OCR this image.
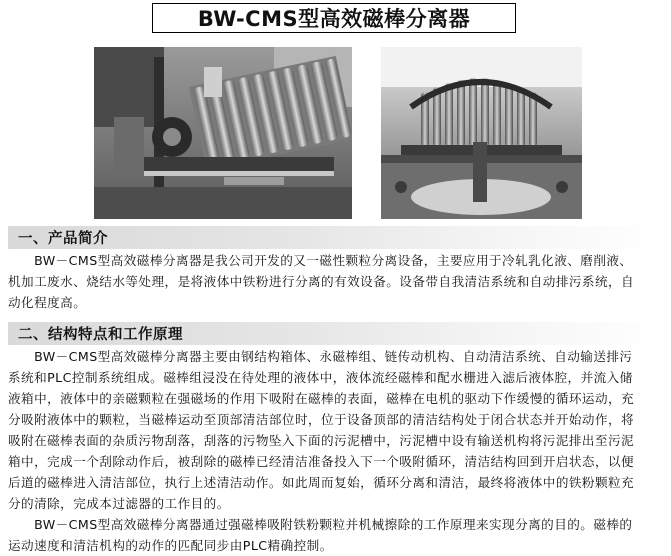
BW-CMS型高效磁棒分离器
一、产品简介
　　BW－CMS型高效磁棒分离器是我公司开发的又一磁性颗粒分离设备，主要应用于冷轧乳化液、磨削液、
机加工废水、烧结水等处理，是将液体中铁粉进行分离的有效设备。设备带自我清洁系统和自动排污系统，自
动化程度高。
二、结构特点和工作原理
　　BW－CMS型高效磁棒分离器主要由钢结构箱体、永磁棒组、链传动机构、自动清洁系统、自动输送排污
系统和PLC控制系统组成。磁棒组浸没在待处理的液体中，液体流经磁棒和配水栅进入滤后液体腔，并流入储
液箱中，液体中的亲磁颗粒在强磁场的作用下吸附在磁棒的表面，磁棒在电机的驱动下作缓慢的循环运动，充
分吸附液体中的颗粒，当磁棒运动至顶部清洁部位时，位于设备顶部的清洁结构处于闭合状态并开始动作，将
吸附在磁棒表面的杂质污物刮落，刮落的污物坠入下面的污泥槽中，污泥槽中设有输送机构将污泥排出至污泥
箱中，完成一个刮除动作后，被刮除的磁棒已经清洁准备投入下一个吸附循环，清洁结构回到开启状态，以便
后道的磁棒进入清洁部位，执行上述清洁动作。如此周而复始，循环分离和清洁，最终将液体中的铁粉颗粒充
分的清除，完成本过滤器的工作目的。
　　BW－CMS型高效磁棒分离器通过强磁棒吸附铁粉颗粒并机械擦除的工作原理来实现分离的目的。磁棒的
运动速度和清洁机构的动作的匹配同步由PLC精确控制。
